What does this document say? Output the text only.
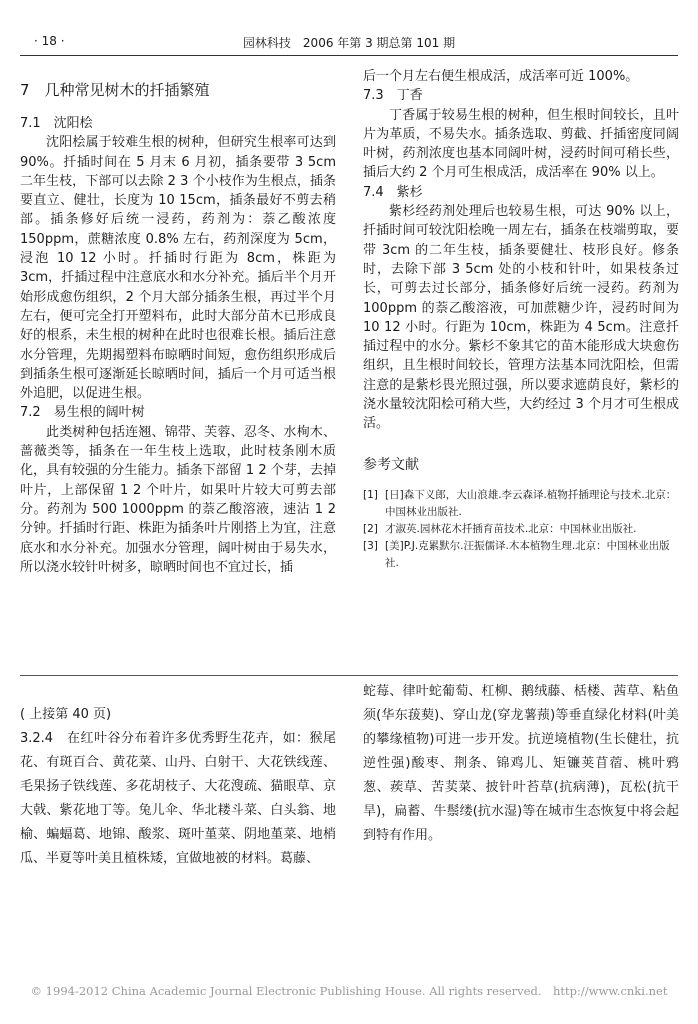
· 18 ·	园林科技　2006 年第 3 期总第 101 期

7　几种常见树木的扦插繁殖

7.1　沈阳桧

沈阳桧属于较难生根的树种，但研究生根率可达到 90%。扦插时间在 5 月末 6 月初，插条要带 3 5cm 二年生枝，下部可以去除 2 3 个小枝作为生根点，插条要直立、健壮，长度为 10 15cm，插条最好不剪去稍部。插条修好后统一浸药，药剂为：萘乙酸浓度 150ppm，蔗糖浓度 0.8% 左右，药剂深度为 5cm，浸泡 10 12 小时。扦插时行距为 8cm，株距为 3cm，扦插过程中注意底水和水分补充。插后半个月开始形成愈伤组织，2 个月大部分插条生根，再过半个月左右，便可完全打开塑料布，此时大部分苗木已形成良好的根系，未生根的树种在此时也很难长根。插后注意水分管理，先期揭塑料布晾晒时间短，愈伤组织形成后到插条生根可逐渐延长晾晒时间，插后一个月可适当根外追肥，以促进生根。

7.2　易生根的阔叶树

此类树种包括连翘、锦带、芙蓉、忍冬、水栒木、蔷薇类等，插条在一年生枝上选取，此时枝条刚木质化，具有较强的分生能力。插条下部留 1 2 个芽，去掉叶片，上部保留 1 2 个叶片，如果叶片较大可剪去部分。药剂为 500 1000ppm 的萘乙酸溶液，速沾 1 2 分钟。扦插时行距、株距为插条叶片刚搭上为宜，注意底水和水分补充。加强水分管理，阔叶树由于易失水，所以浇水较针叶树多，晾晒时间也不宜过长，插

后一个月左右便生根成活，成活率可近 100%。

7.3　丁香

丁香属于较易生根的树种，但生根时间较长，且叶片为革质，不易失水。插条选取、剪截、扦插密度同阔叶树，药剂浓度也基本同阔叶树，浸药时间可稍长些，插后大约 2 个月可生根成活，成活率在 90% 以上。

7.4　紫杉

紫杉经药剂处理后也较易生根，可达 90% 以上，扦插时间可较沈阳桧晚一周左右，插条在枝端剪取，要带 3cm 的二年生枝，插条要健壮、枝形良好。修条时，去除下部 3 5cm 处的小枝和针叶，如果枝条过长，可剪去过长部分，插条修好后统一浸药。药剂为 100ppm 的萘乙酸溶液，可加蔗糖少许，浸药时间为 10 12 小时。行距为 10cm，株距为 4 5cm。注意扦插过程中的水分。紫杉不象其它的苗木能形成大块愈伤组织，且生根时间较长，管理方法基本同沈阳桧，但需注意的是紫杉畏光照过强，所以要求遮荫良好，紫杉的浇水量较沈阳桧可稍大些，大约经过 3 个月才可生根成活。

参考文献

[1] [日]森下义郎，大山浪雄.李云森译.植物扦插理论与技术.北京：中国林业出版社.
[2] 才淑英.园林花木扦插育苗技术.北京：中国林业出版社.
[3] [美]P.J.克累默尔.汪振儒译.木本植物生理.北京：中国林业出版社.

( 上接第 40 页)

3.2.4　在红叶谷分布着许多优秀野生花卉，如：猴尾花、有斑百合、黄花菜、山丹、白射干、大花铁线莲、毛果扬子铁线莲、多花胡枝子、大花溲疏、猫眼草、京大戟、紫花地丁等。兔儿伞、华北耧斗菜、白头翁、地榆、蝙蝠葛、地锦、酸浆、斑叶堇菜、阴地堇菜、地梢瓜、半夏等叶美且植株矮，宜做地被的材料。葛藤、

蛇莓、律叶蛇葡萄、杠柳、鹅绒藤、栝楼、茜草、粘鱼须(华东菝葜)、穿山龙(穿龙薯蓣)等垂直绿化材料(叶美的攀缘植物)可进一步开发。抗逆境植物(生长健壮，抗逆性强)酸枣、荆条、锦鸡儿、矩镰荚苜蓿、桃叶鸦葱、蒺草、苦荬菜、披针叶苔草(抗病薄)，瓦松(抗干旱)，扁蓄、牛鬃缕(抗水湿)等在城市生态恢复中将会起到特有作用。

© 1994-2012 China Academic Journal Electronic Publishing House. All rights reserved.　http://www.cnki.net
